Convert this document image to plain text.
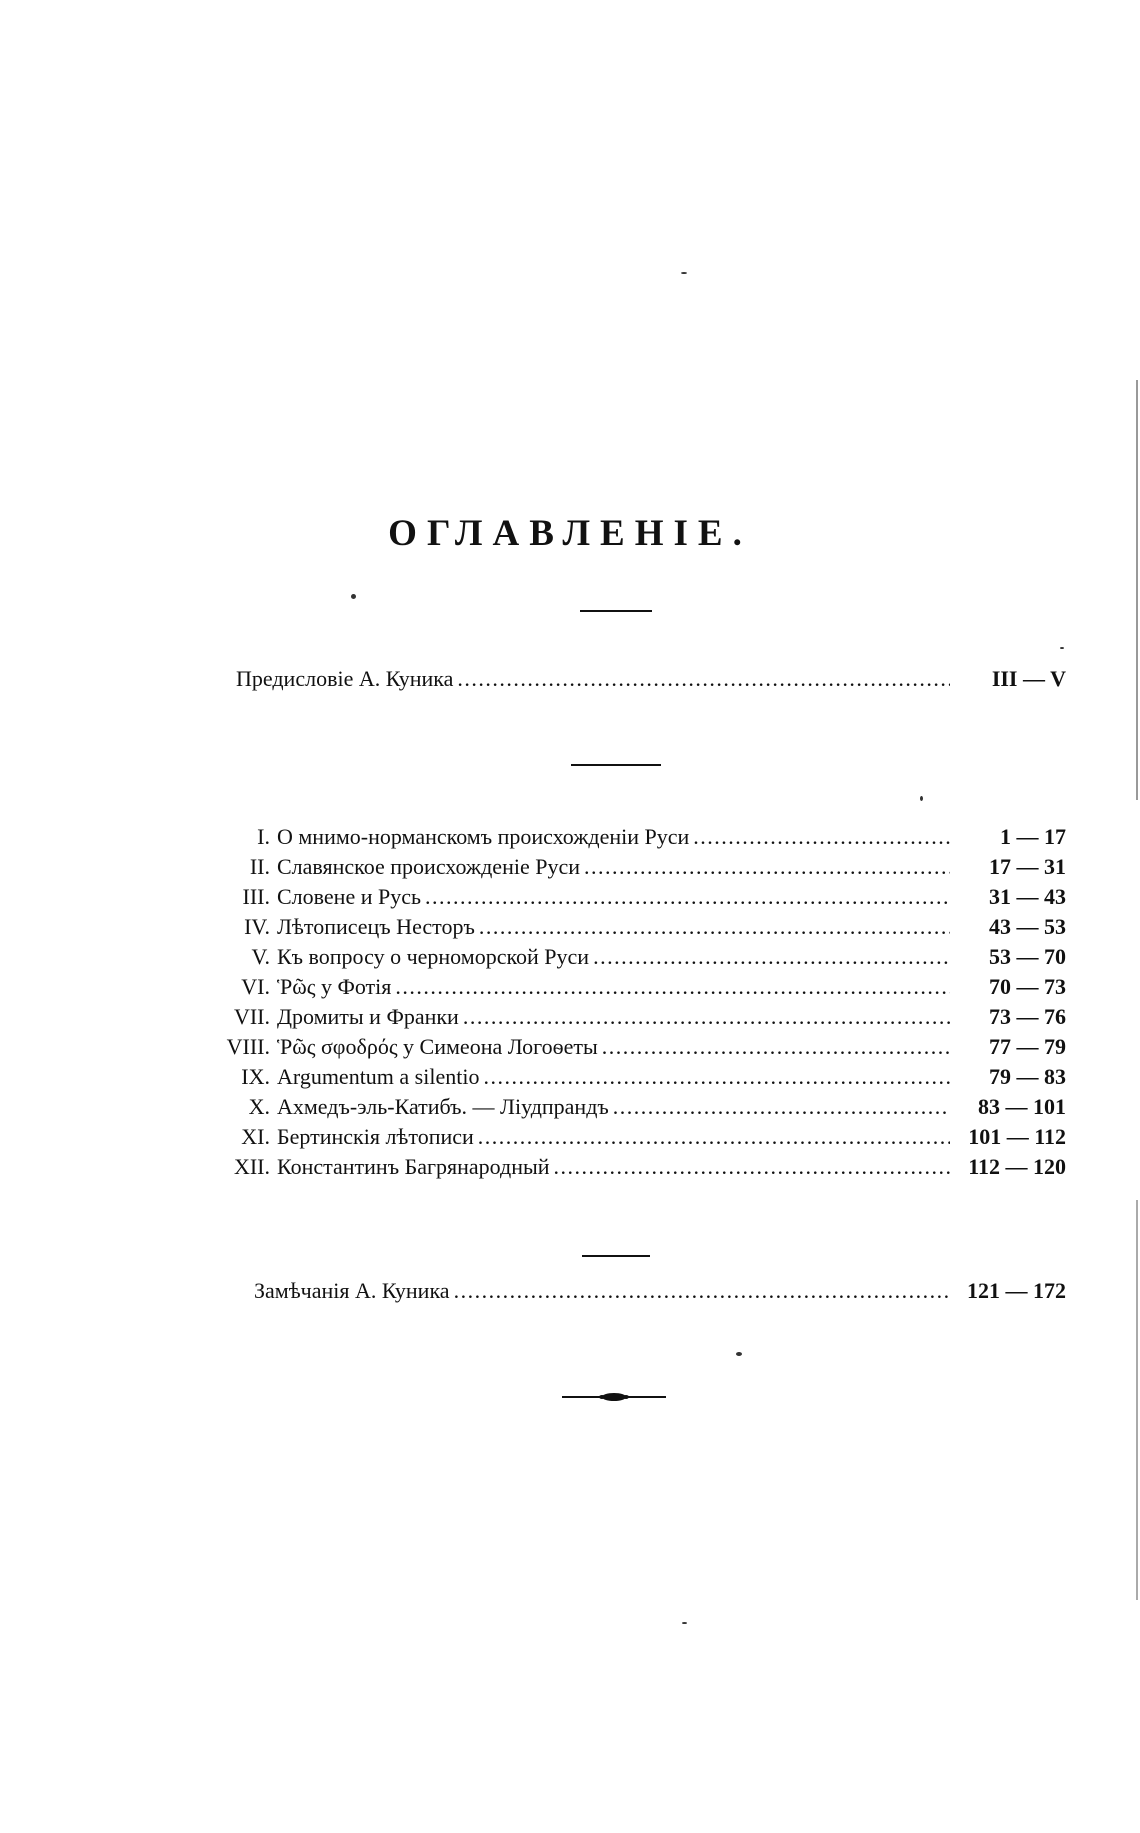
ОГЛАВЛЕНІЕ.
Предисловіе А. Куника . . .	III — V
I. О мнимо-норманскомъ происхожденіи Руси . . .	1 — 17
II. Славянское происхожденіе Руси . . .	17 — 31
III. Словене и Русь . . .	31 — 43
IV. Лѣтописецъ Несторъ . . .	43 — 53
V. Къ вопросу о черноморской Руси . . .	53 — 70
VI. Ῥῶς у Фотія . . .	70 — 73
VII. Дромиты и Франки . . .	73 — 76
VIII. Ῥῶς σφοδρός у Симеона Логоѳеты . . .	77 — 79
IX. Argumentum a silentio . . .	79 — 83
X. Ахмедъ-эль-Катибъ. — Ліудпрандъ . . .	83 — 101
XI. Бертинскія лѣтописи . . .	101 — 112
XII. Константинъ Багрянародный . . .	112 — 120
Замѣчанія А. Куника . . .	121 — 172
